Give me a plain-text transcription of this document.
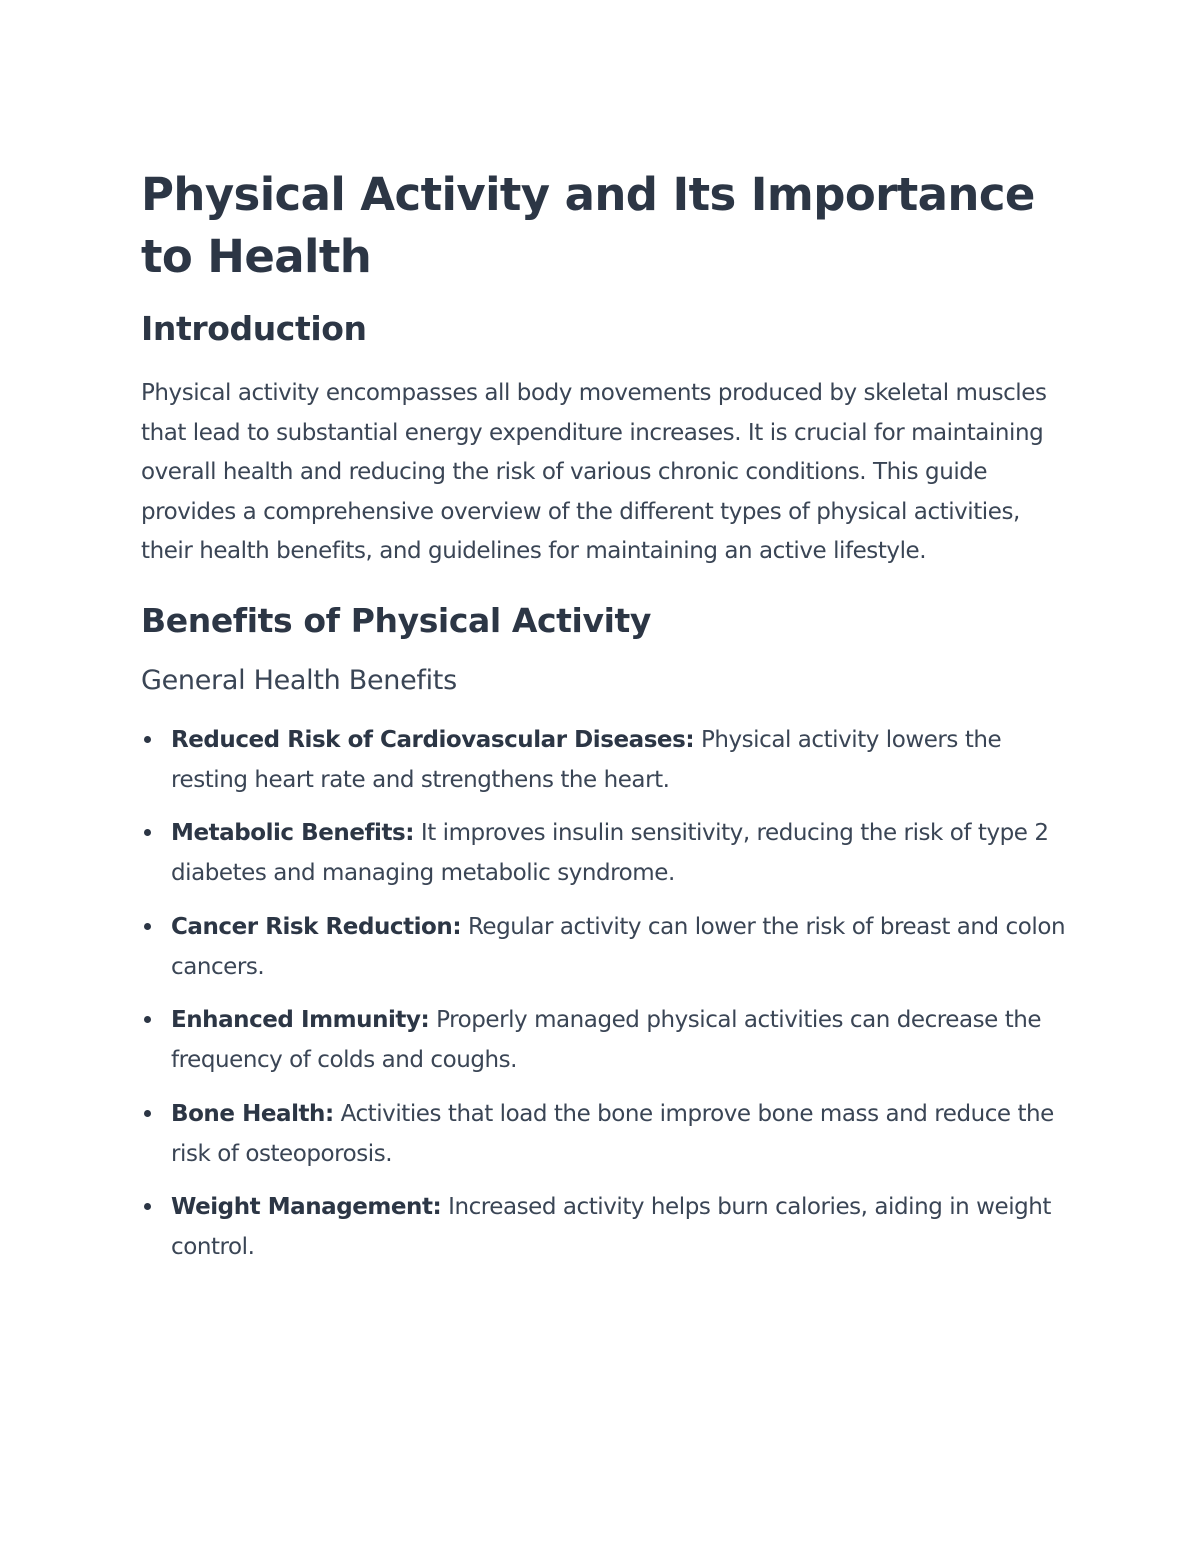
Physical Activity and Its Importance to Health
Introduction

Physical activity encompasses all body movements produced by skeletal muscles that lead to substantial energy expenditure increases. It is crucial for maintaining overall health and reducing the risk of various chronic conditions. This guide provides a comprehensive overview of the different types of physical activities, their health benefits, and guidelines for maintaining an active lifestyle.

Benefits of Physical Activity
General Health Benefits
Reduced Risk of Cardiovascular Diseases: Physical activity lowers the resting heart rate and strengthens the heart.
Metabolic Benefits: It improves insulin sensitivity, reducing the risk of type 2 diabetes and managing metabolic syndrome.
Cancer Risk Reduction: Regular activity can lower the risk of breast and colon cancers.
Enhanced Immunity: Properly managed physical activities can decrease the frequency of colds and coughs.
Bone Health: Activities that load the bone improve bone mass and reduce the risk of osteoporosis.
Weight Management: Increased activity helps burn calories, aiding in weight control.
